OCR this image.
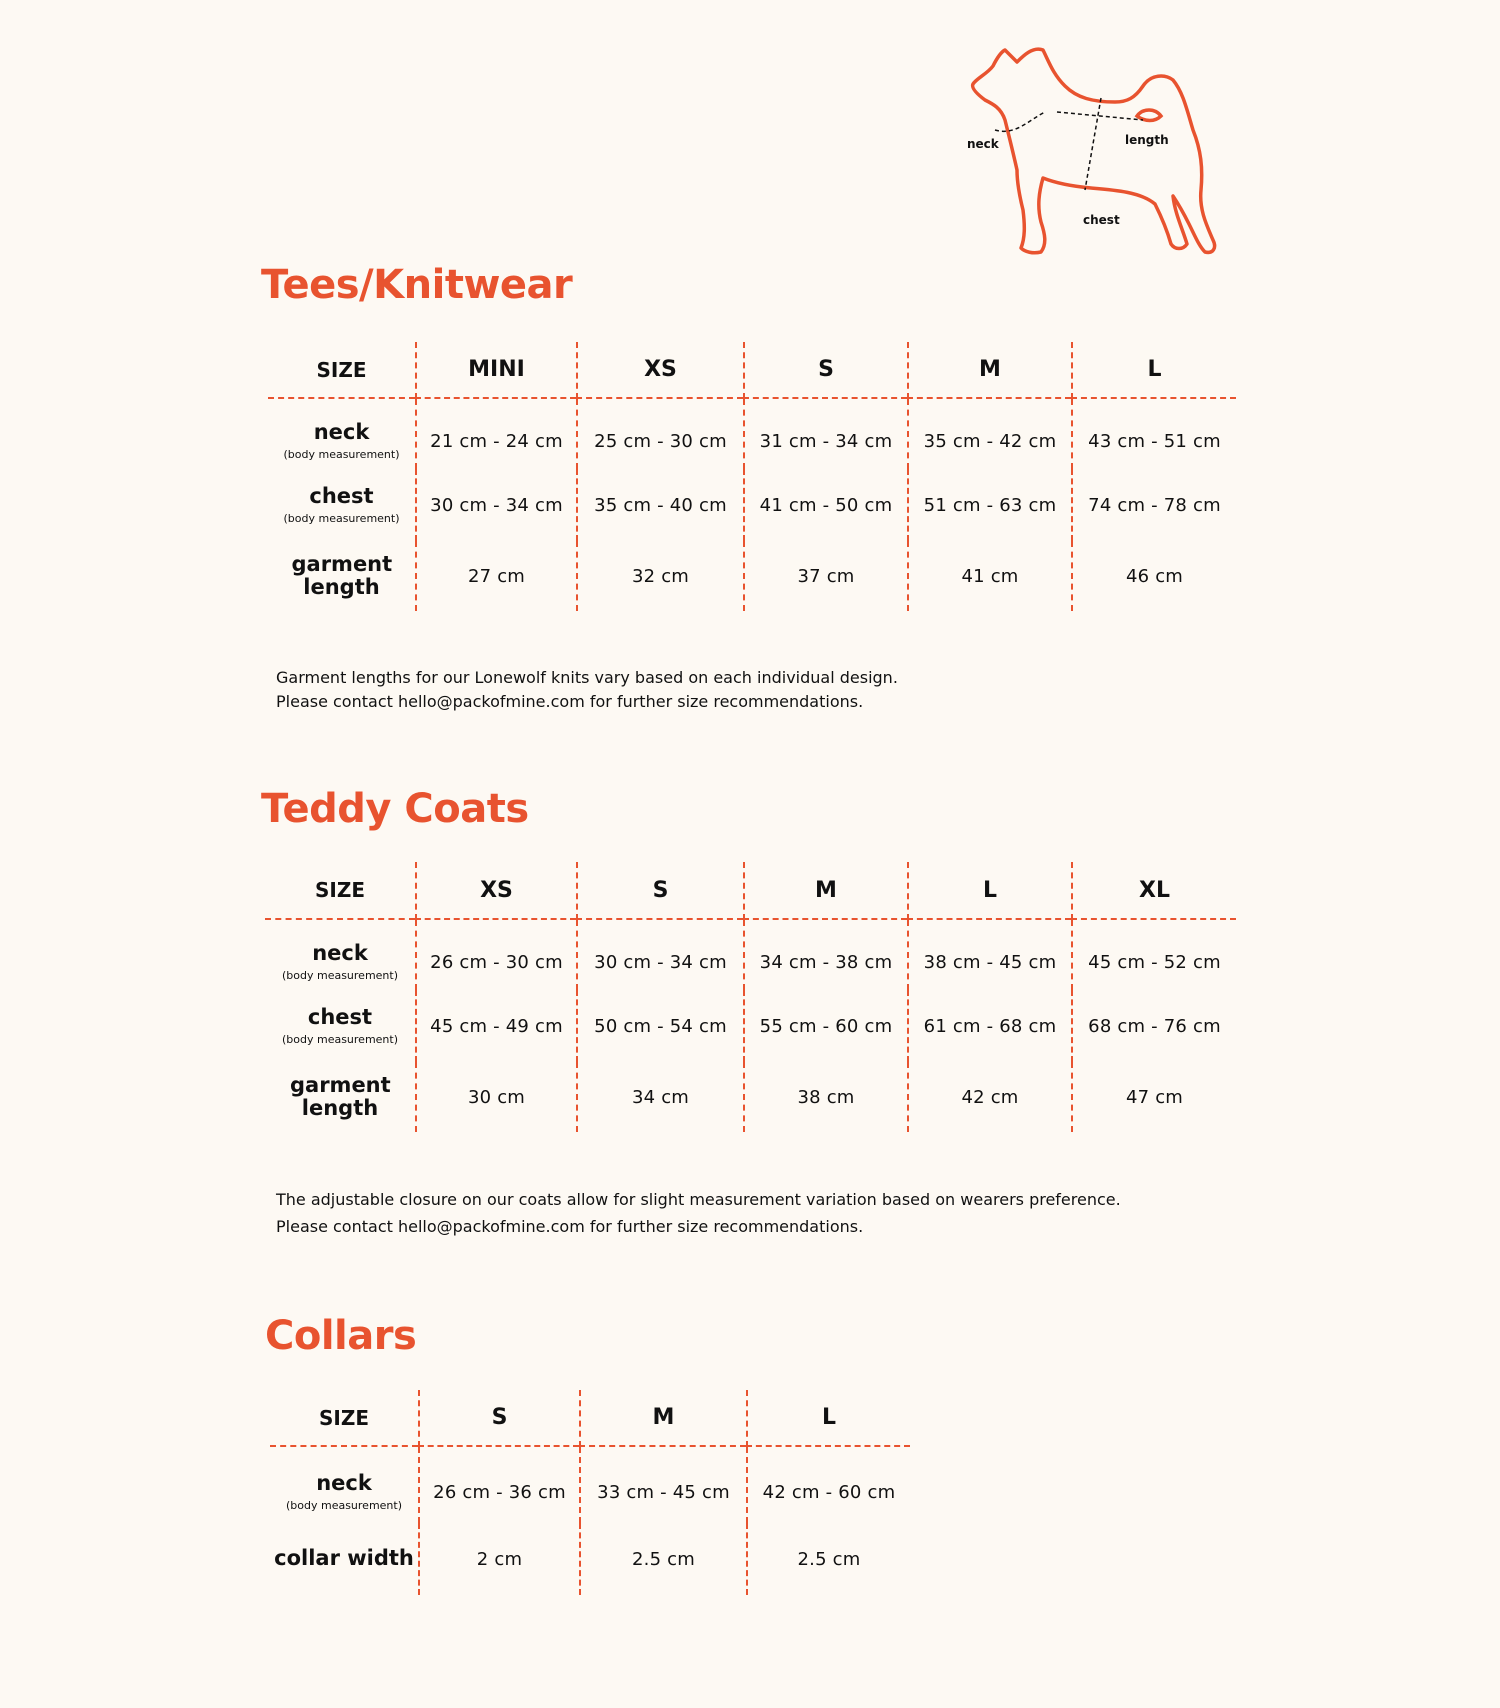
neck	length
chest
Tees/Knitwear
SIZE	MINI	XS	S	M	L
neck
(body measurement)
21 cm - 24 cm	25 cm - 30 cm	31 cm - 34 cm	35 cm - 42 cm	43 cm - 51 cm
chest
(body measurement)
30 cm - 34 cm	35 cm - 40 cm	41 cm - 50 cm	51 cm - 63 cm	74 cm - 78 cm
garment length	27 cm	32 cm	37 cm	41 cm	46 cm
Garment lengths for our Lonewolf knits vary based on each individual design.
Please contact hello@packofmine.com for further size recommendations.
Teddy Coats
SIZE	XS	S	M	L	XL
neck
(body measurement)
26 cm - 30 cm	30 cm - 34 cm	34 cm - 38 cm	38 cm - 45 cm	45 cm - 52 cm
chest
(body measurement)
45 cm - 49 cm	50 cm - 54 cm	55 cm - 60 cm	61 cm - 68 cm	68 cm - 76 cm
garment length	30 cm	34 cm	38 cm	42 cm	47 cm
The adjustable closure on our coats allow for slight measurement variation based on wearers preference.
Please contact hello@packofmine.com for further size recommendations.
Collars
SIZE	S	M	L
neck
(body measurement)
26 cm - 36 cm	33 cm - 45 cm	42 cm - 60 cm
collar width	2 cm	2.5 cm	2.5 cm
